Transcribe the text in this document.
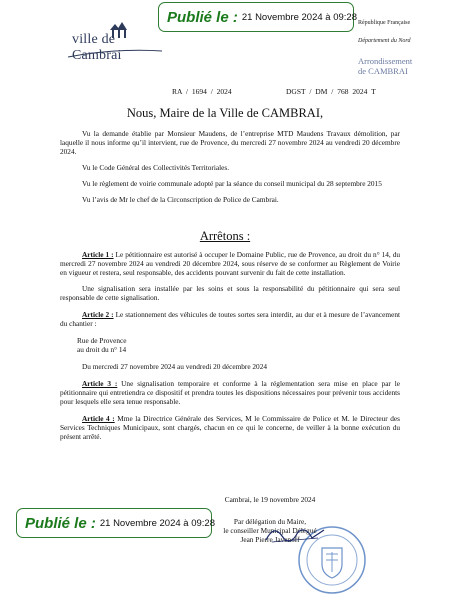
Publié le : 21 Novembre 2024 à 09:28
ville de Cambrai
République Française
Département du Nord
Arrondissement
de CAMBRAI
RA / 1694 / 2024	DGST / DM / 768 2024 T
Nous, Maire de la Ville de CAMBRAI,

Vu la demande établie par Monsieur Maudens, de l’entreprise MTD Maudens Travaux démolition, par laquelle il nous informe qu’il intervient, rue de Provence, du mercredi 27 novembre 2024 au vendredi 20 décembre 2024.

Vu le Code Général des Collectivités Territoriales.

Vu le règlement de voirie communale adopté par la séance du conseil municipal du 28 septembre 2015

Vu l’avis de Mr le chef de la Circonscription de Police de Cambrai.

Arrêtons :

Article 1 : Le pétitionnaire est autorisé à occuper le Domaine Public, rue de Provence, au droit du n° 14, du mercredi 27 novembre 2024 au vendredi 20 décembre 2024, sous réserve de se conformer au Règlement de Voirie en vigueur et restera, seul responsable, des accidents pouvant survenir du fait de cette installation.

Une signalisation sera installée par les soins et sous la responsabilité du pétitionnaire qui sera seul responsable de cette signalisation.

Article 2 : Le stationnement des véhicules de toutes sortes sera interdit, au dur et à mesure de l’avancement du chantier :

Rue de Provence

au droit du n° 14

Du mercredi 27 novembre 2024 au vendredi 20 décembre 2024

Article 3 : Une signalisation temporaire et conforme à la réglementation sera mise en place par le pétitionnaire qui entretiendra ce dispositif et prendra toutes les dispositions nécessaires pour prévenir tous accidents pour lesquels elle sera tenue responsable.

Article 4 : Mme la Directrice Générale des Services, M le Commissaire de Police et M. le Directeur des Services Techniques Municipaux, sont chargés, chacun en ce qui le concerne, de veiller à la bonne exécution du présent arrêté.

Cambrai, le 19 novembre 2024
Par délégation du Maire,
le conseiller Municipal Délégué
Jean Pierre Javenoff
Publié le : 21 Novembre 2024 à 09:28
